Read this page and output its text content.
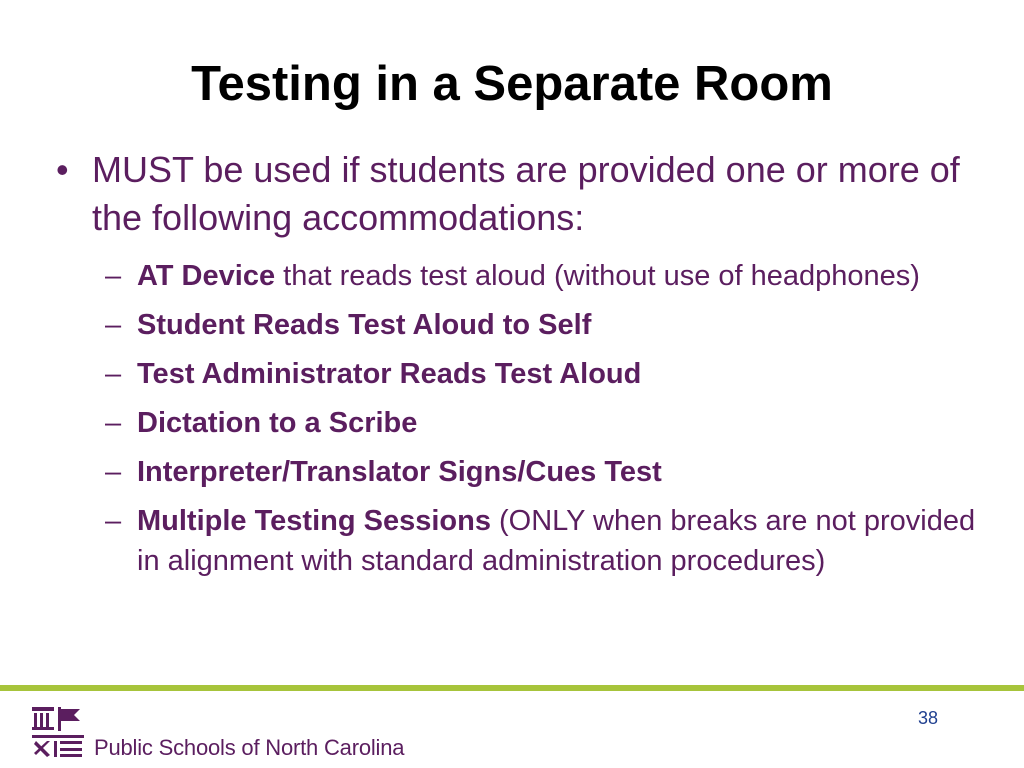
Testing in a Separate Room
• MUST be used if students are provided one or more of the following accommodations:
– AT Device that reads test aloud (without use of headphones)
– Student Reads Test Aloud to Self
– Test Administrator Reads Test Aloud
– Dictation to a Scribe
– Interpreter/Translator Signs/Cues Test
– Multiple Testing Sessions (ONLY when breaks are not provided in alignment with standard administration procedures)
Public Schools of North Carolina
38
